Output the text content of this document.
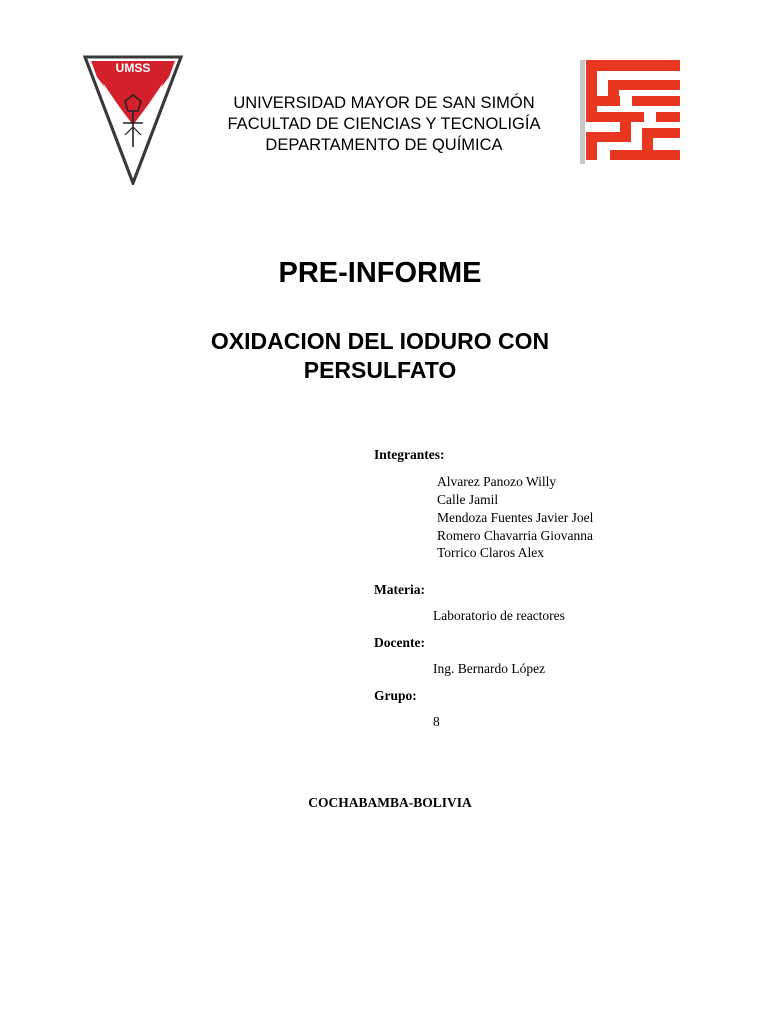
UMSS
UNIVERSIDAD MAYOR DE SAN SIMÓN
FACULTAD DE CIENCIAS Y TECNOLIGÍA
DEPARTAMENTO DE QUÍMICA
PRE-INFORME
OXIDACION DEL IODURO CON PERSULFATO
Integrantes:
Alvarez Panozo Willy
Calle Jamil
Mendoza Fuentes Javier Joel
Romero Chavarria Giovanna
Torrico Claros Alex
Materia:
Laboratorio de reactores
Docente:
Ing. Bernardo López
Grupo:
8
COCHABAMBA-BOLIVIA
